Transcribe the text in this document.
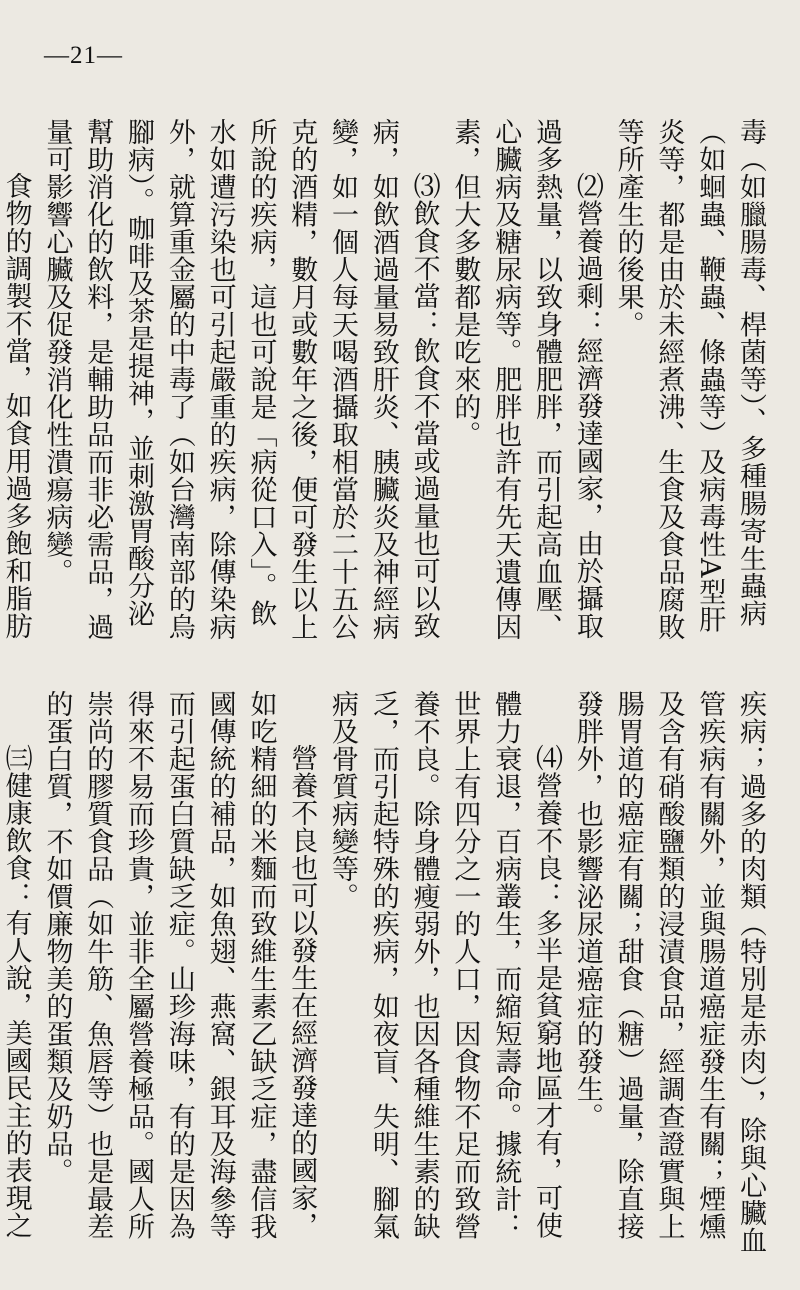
—21—

毒（如臘腸毒、桿菌等）、多種腸寄生蟲病（如蛔蟲、鞭蟲、條蟲等）及病毒性A型肝炎等，都是由於未經煮沸、生食及食品腐敗等所產生的後果。

⑵營養過剩：經濟發達國家，由於攝取過多熱量，以致身體肥胖，而引起高血壓、心臟病及糖尿病等。肥胖也許有先天遺傳因素，但大多數都是吃來的。

⑶飲食不當：飲食不當或過量也可以致病，如飲酒過量易致肝炎、胰臟炎及神經病變，如一個人每天喝酒攝取相當於二十五公克的酒精，數月或數年之後，便可發生以上所說的疾病，這也可說是「病從口入」。飲水如遭污染也可引起嚴重的疾病，除傳染病外，就算重金屬的中毒了（如台灣南部的烏腳病）。咖啡及茶是提神，並刺激胃酸分泌幫助消化的飲料，是輔助品而非必需品，過量可影響心臟及促發消化性潰瘍病變。

食物的調製不當，如食用過多飽和脂肪

疾病；過多的肉類（特別是赤肉），除與心臟血管疾病有關外，並與腸道癌症發生有關；煙燻及含有硝酸鹽類的浸漬食品，經調查證實與上腸胃道的癌症有關；甜食（糖）過量，除直接發胖外，也影響泌尿道癌症的發生。

⑷營養不良：多半是貧窮地區才有，可使體力衰退，百病叢生，而縮短壽命。據統計：世界上有四分之一的人口，因食物不足而致營養不良。除身體瘦弱外，也因各種維生素的缺乏，而引起特殊的疾病，如夜盲、失明、腳氣病及骨質病變等。

營養不良也可以發生在經濟發達的國家，如吃精細的米麵而致維生素乙缺乏症，盡信我國傳統的補品，如魚翅、燕窩、銀耳及海參等而引起蛋白質缺乏症。山珍海味，有的是因為得來不易而珍貴，並非全屬營養極品。國人所崇尚的膠質食品（如牛筋、魚唇等）也是最差的蛋白質，不如價廉物美的蛋類及奶品。

㈢健康飲食：有人說，美國民主的表現之
